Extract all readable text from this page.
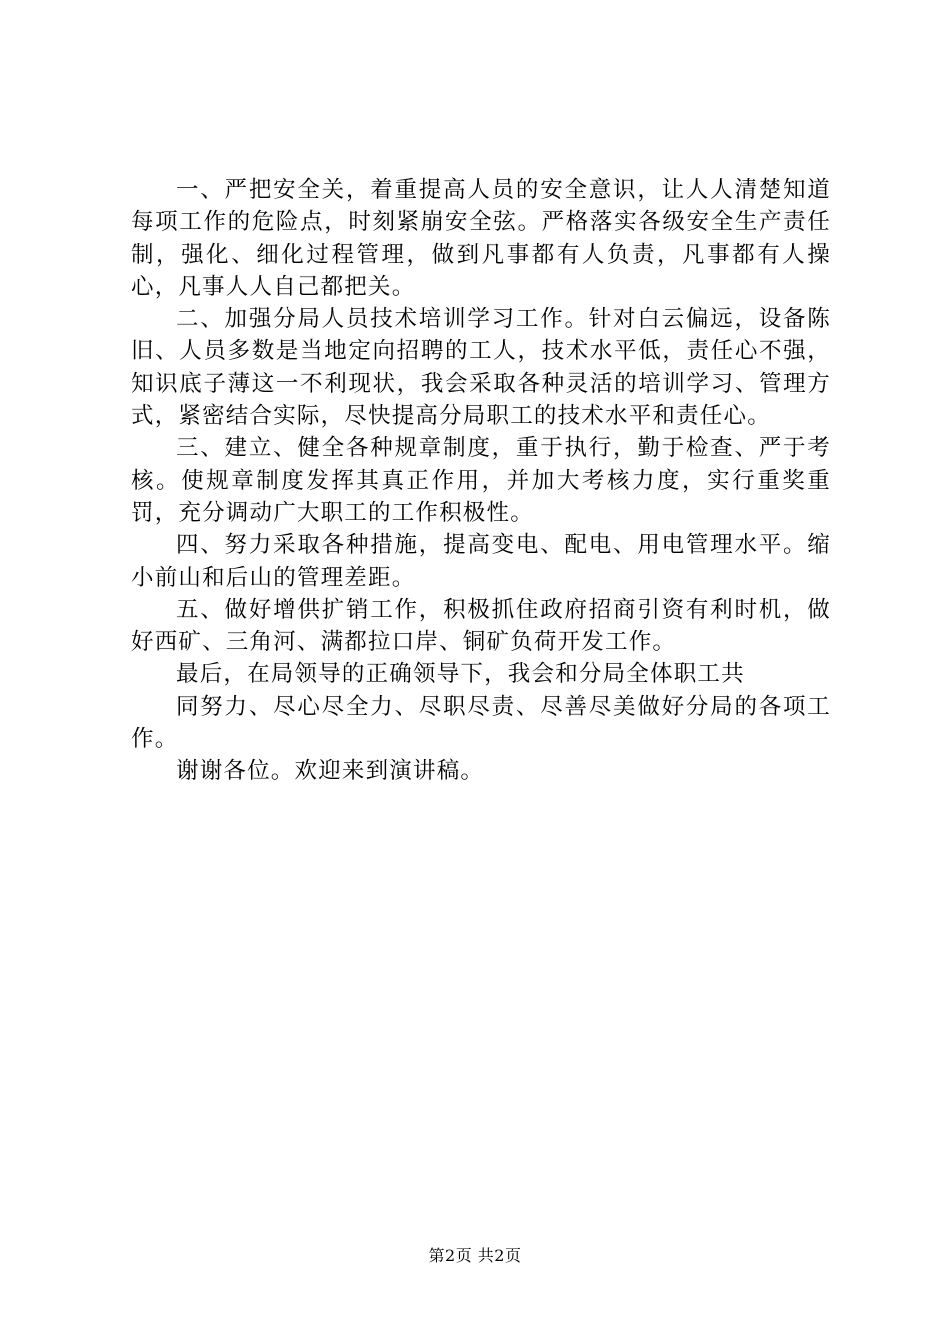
一、严把安全关，着重提高人员的安全意识，让人人清楚知道每项工作的危险点，时刻紧崩安全弦。严格落实各级安全生产责任制，强化、细化过程管理，做到凡事都有人负责，凡事都有人操心，凡事人人自己都把关。

二、加强分局人员技术培训学习工作。针对白云偏远，设备陈旧、人员多数是当地定向招聘的工人，技术水平低，责任心不强，知识底子薄这一不利现状，我会采取各种灵活的培训学习、管理方式，紧密结合实际，尽快提高分局职工的技术水平和责任心。

三、建立、健全各种规章制度，重于执行，勤于检查、严于考核。使规章制度发挥其真正作用，并加大考核力度，实行重奖重罚，充分调动广大职工的工作积极性。

四、努力采取各种措施，提高变电、配电、用电管理水平。缩小前山和后山的管理差距。

五、做好增供扩销工作，积极抓住政府招商引资有利时机，做好西矿、三角河、满都拉口岸、铜矿负荷开发工作。

最后，在局领导的正确领导下，我会和分局全体职工共

同努力、尽心尽全力、尽职尽责、尽善尽美做好分局的各项工作。

谢谢各位。欢迎来到演讲稿。

第2页 共2页
